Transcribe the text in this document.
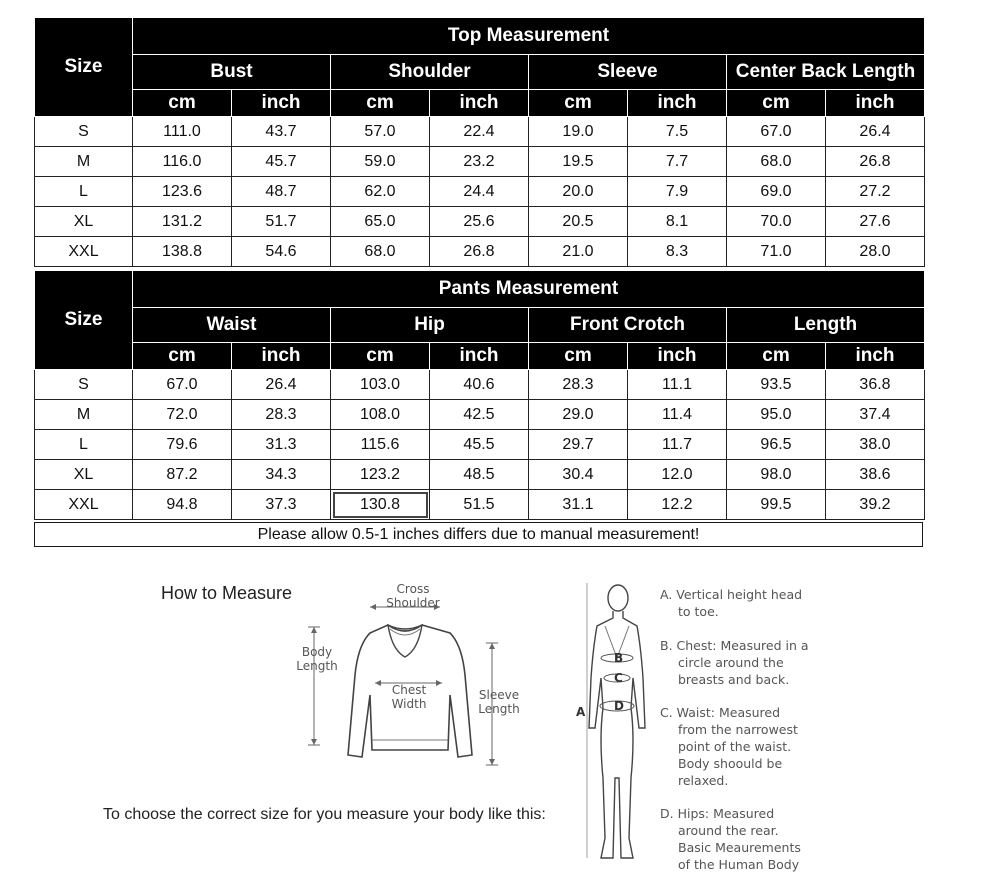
Size	Top Measurement							
	Bust		Shoulder		Sleeve		Center Back Length	
	cm	inch	cm	inch	cm	inch	cm	inch
S	111.0	43.7	57.0	22.4	19.0	7.5	67.0	26.4
M	116.0	45.7	59.0	23.2	19.5	7.7	68.0	26.8
L	123.6	48.7	62.0	24.4	20.0	7.9	69.0	27.2
XL	131.2	51.7	65.0	25.6	20.5	8.1	70.0	27.6
XXL	138.8	54.6	68.0	26.8	21.0	8.3	71.0	28.0
Size	Pants Measurement							
	Waist		Hip		Front Crotch		Length	
	cm	inch	cm	inch	cm	inch	cm	inch
S	67.0	26.4	103.0	40.6	28.3	11.1	93.5	36.8
M	72.0	28.3	108.0	42.5	29.0	11.4	95.0	37.4
L	79.6	31.3	115.6	45.5	29.7	11.7	96.5	38.0
XL	87.2	34.3	123.2	48.5	30.4	12.0	98.0	38.6
XXL	94.8	37.3	130.8	51.5	31.1	12.2	99.5	39.2
Please allow 0.5-1 inches differs due to manual measurement!
How to Measure	Cross
Shoulder
Body
Length
Chest
Width
Sleeve
Length
To choose the correct size for you measure your body like this:
A
B
C
D
A. Vertical height head

to toe.
B. Chest: Measured in a

circle around the
breasts and back.
C. Waist: Measured

from the narrowest
point of the waist.
Body shoould be
relaxed.
D. Hips: Measured

around the rear.
Basic Meaurements
of the Human Body
